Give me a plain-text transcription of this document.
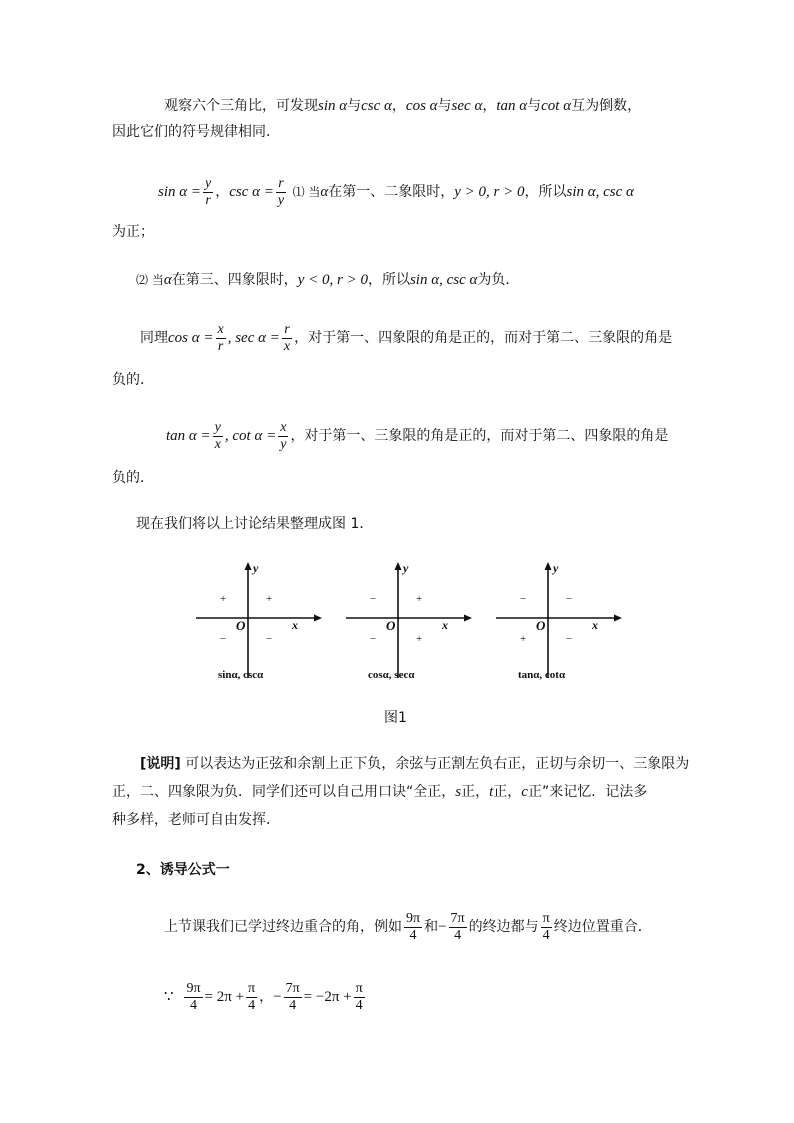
观察六个三角比，可发现sin α与csc α，cos α与sec α，tan α与cot α互为倒数，
因此它们的符号规律相同．
$\sin \alpha = \frac{y}{r}$ ，$\csc \alpha = \frac{r}{y}$ ⑴ 当α在第一、二象限时，y > 0, r > 0，所以sin α, csc α
为正；
⑵ 当α在第三、四象限时，y < 0, r > 0，所以sin α, csc α为负．
同理$\cos \alpha = \frac{x}{r}$ , $\sec \alpha = \frac{r}{x}$ ，对于第一、四象限的角是正的，而对于第二、三象限的角是
负的．
$\tan \alpha = \frac{y}{x}$ , $\cot \alpha = \frac{x}{y}$ ，对于第一、三象限的角是正的，而对于第二、四象限的角是
负的．
现在我们将以上讨论结果整理成图 1．
y
x
O
+
+
−	−
sinα, cscα
y
x
O
+
−
−	+
cosα, secα
y
x
O
−
−
+	−
tanα, cotα
图1
[说明] 可以表达为正弦和余割上正下负，余弦与正割左负右正，正切与余切一、三象限为
正，二、四象限为负．同学们还可以自己用口诀“全正，s正，t正，c正”来记忆．记法多
种多样，老师可自由发挥．
2、诱导公式一
上节课我们已学过终边重合的角，例如 $\frac{9\pi}{4}$ 和− $\frac{7\pi}{4}$ 的终边都与 $\frac{\pi}{4}$ 终边位置重合．
∵ $\frac{9\pi}{4} = 2\pi + \frac{\pi}{4}$ ，− $\frac{7\pi}{4} = -2\pi + \frac{\pi}{4}$
